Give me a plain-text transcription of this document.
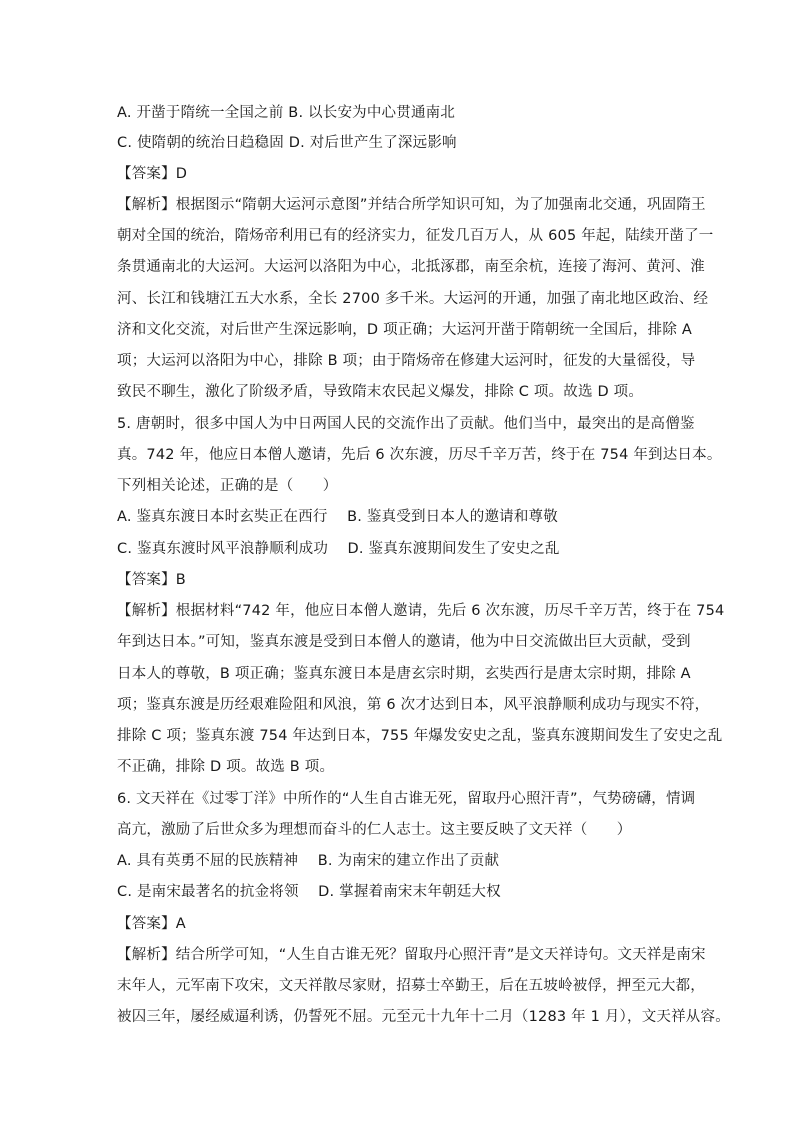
A. 开凿于隋统一全国之前 B. 以长安为中心贯通南北
C. 使隋朝的统治日趋稳固 D. 对后世产生了深远影响
【答案】D
【解析】根据图示“隋朝大运河示意图”并结合所学知识可知，为了加强南北交通，巩固隋王
朝对全国的统治，隋炀帝利用已有的经济实力，征发几百万人，从 605 年起，陆续开凿了一
条贯通南北的大运河。大运河以洛阳为中心，北抵涿郡，南至余杭，连接了海河、黄河、淮
河、长江和钱塘江五大水系，全长 2700 多千米。大运河的开通，加强了南北地区政治、经
济和文化交流，对后世产生深远影响，D 项正确；大运河开凿于隋朝统一全国后，排除 A
项；大运河以洛阳为中心，排除 B 项；由于隋炀帝在修建大运河时，征发的大量徭役，导
致民不聊生，激化了阶级矛盾，导致隋末农民起义爆发，排除 C 项。故选 D 项。
5. 唐朝时，很多中国人为中日两国人民的交流作出了贡献。他们当中，最突出的是高僧鉴
真。742 年，他应日本僧人邀请，先后 6 次东渡，历尽千辛万苦，终于在 754 年到达日本。
下列相关论述，正确的是（　　）
A. 鉴真东渡日本时玄奘正在西行　 B. 鉴真受到日本人的邀请和尊敬
C. 鉴真东渡时风平浪静顺利成功　 D. 鉴真东渡期间发生了安史之乱
【答案】B
【解析】根据材料“742 年，他应日本僧人邀请，先后 6 次东渡，历尽千辛万苦，终于在 754
年到达日本。”可知，鉴真东渡是受到日本僧人的邀请，他为中日交流做出巨大贡献，受到
日本人的尊敬，B 项正确；鉴真东渡日本是唐玄宗时期，玄奘西行是唐太宗时期，排除 A
项；鉴真东渡是历经艰难险阻和风浪，第 6 次才达到日本，风平浪静顺利成功与现实不符，
排除 C 项；鉴真东渡 754 年达到日本，755 年爆发安史之乱，鉴真东渡期间发生了安史之乱
不正确，排除 D 项。故选 B 项。
6. 文天祥在《过零丁洋》中所作的“人生自古谁无死，留取丹心照汗青”，气势磅礴，情调
高亢，激励了后世众多为理想而奋斗的仁人志士。这主要反映了文天祥（　　）
A. 具有英勇不屈的民族精神　 B. 为南宋的建立作出了贡献
C. 是南宋最著名的抗金将领　 D. 掌握着南宋末年朝廷大权
【答案】A
【解析】结合所学可知，“人生自古谁无死？留取丹心照汗青”是文天祥诗句。文天祥是南宋
末年人，元军南下攻宋，文天祥散尽家财，招募士卒勤王，后在五坡岭被俘，押至元大都，
被囚三年，屡经威逼利诱，仍誓死不屈。元至元十九年十二月（1283 年 1 月），文天祥从容。
